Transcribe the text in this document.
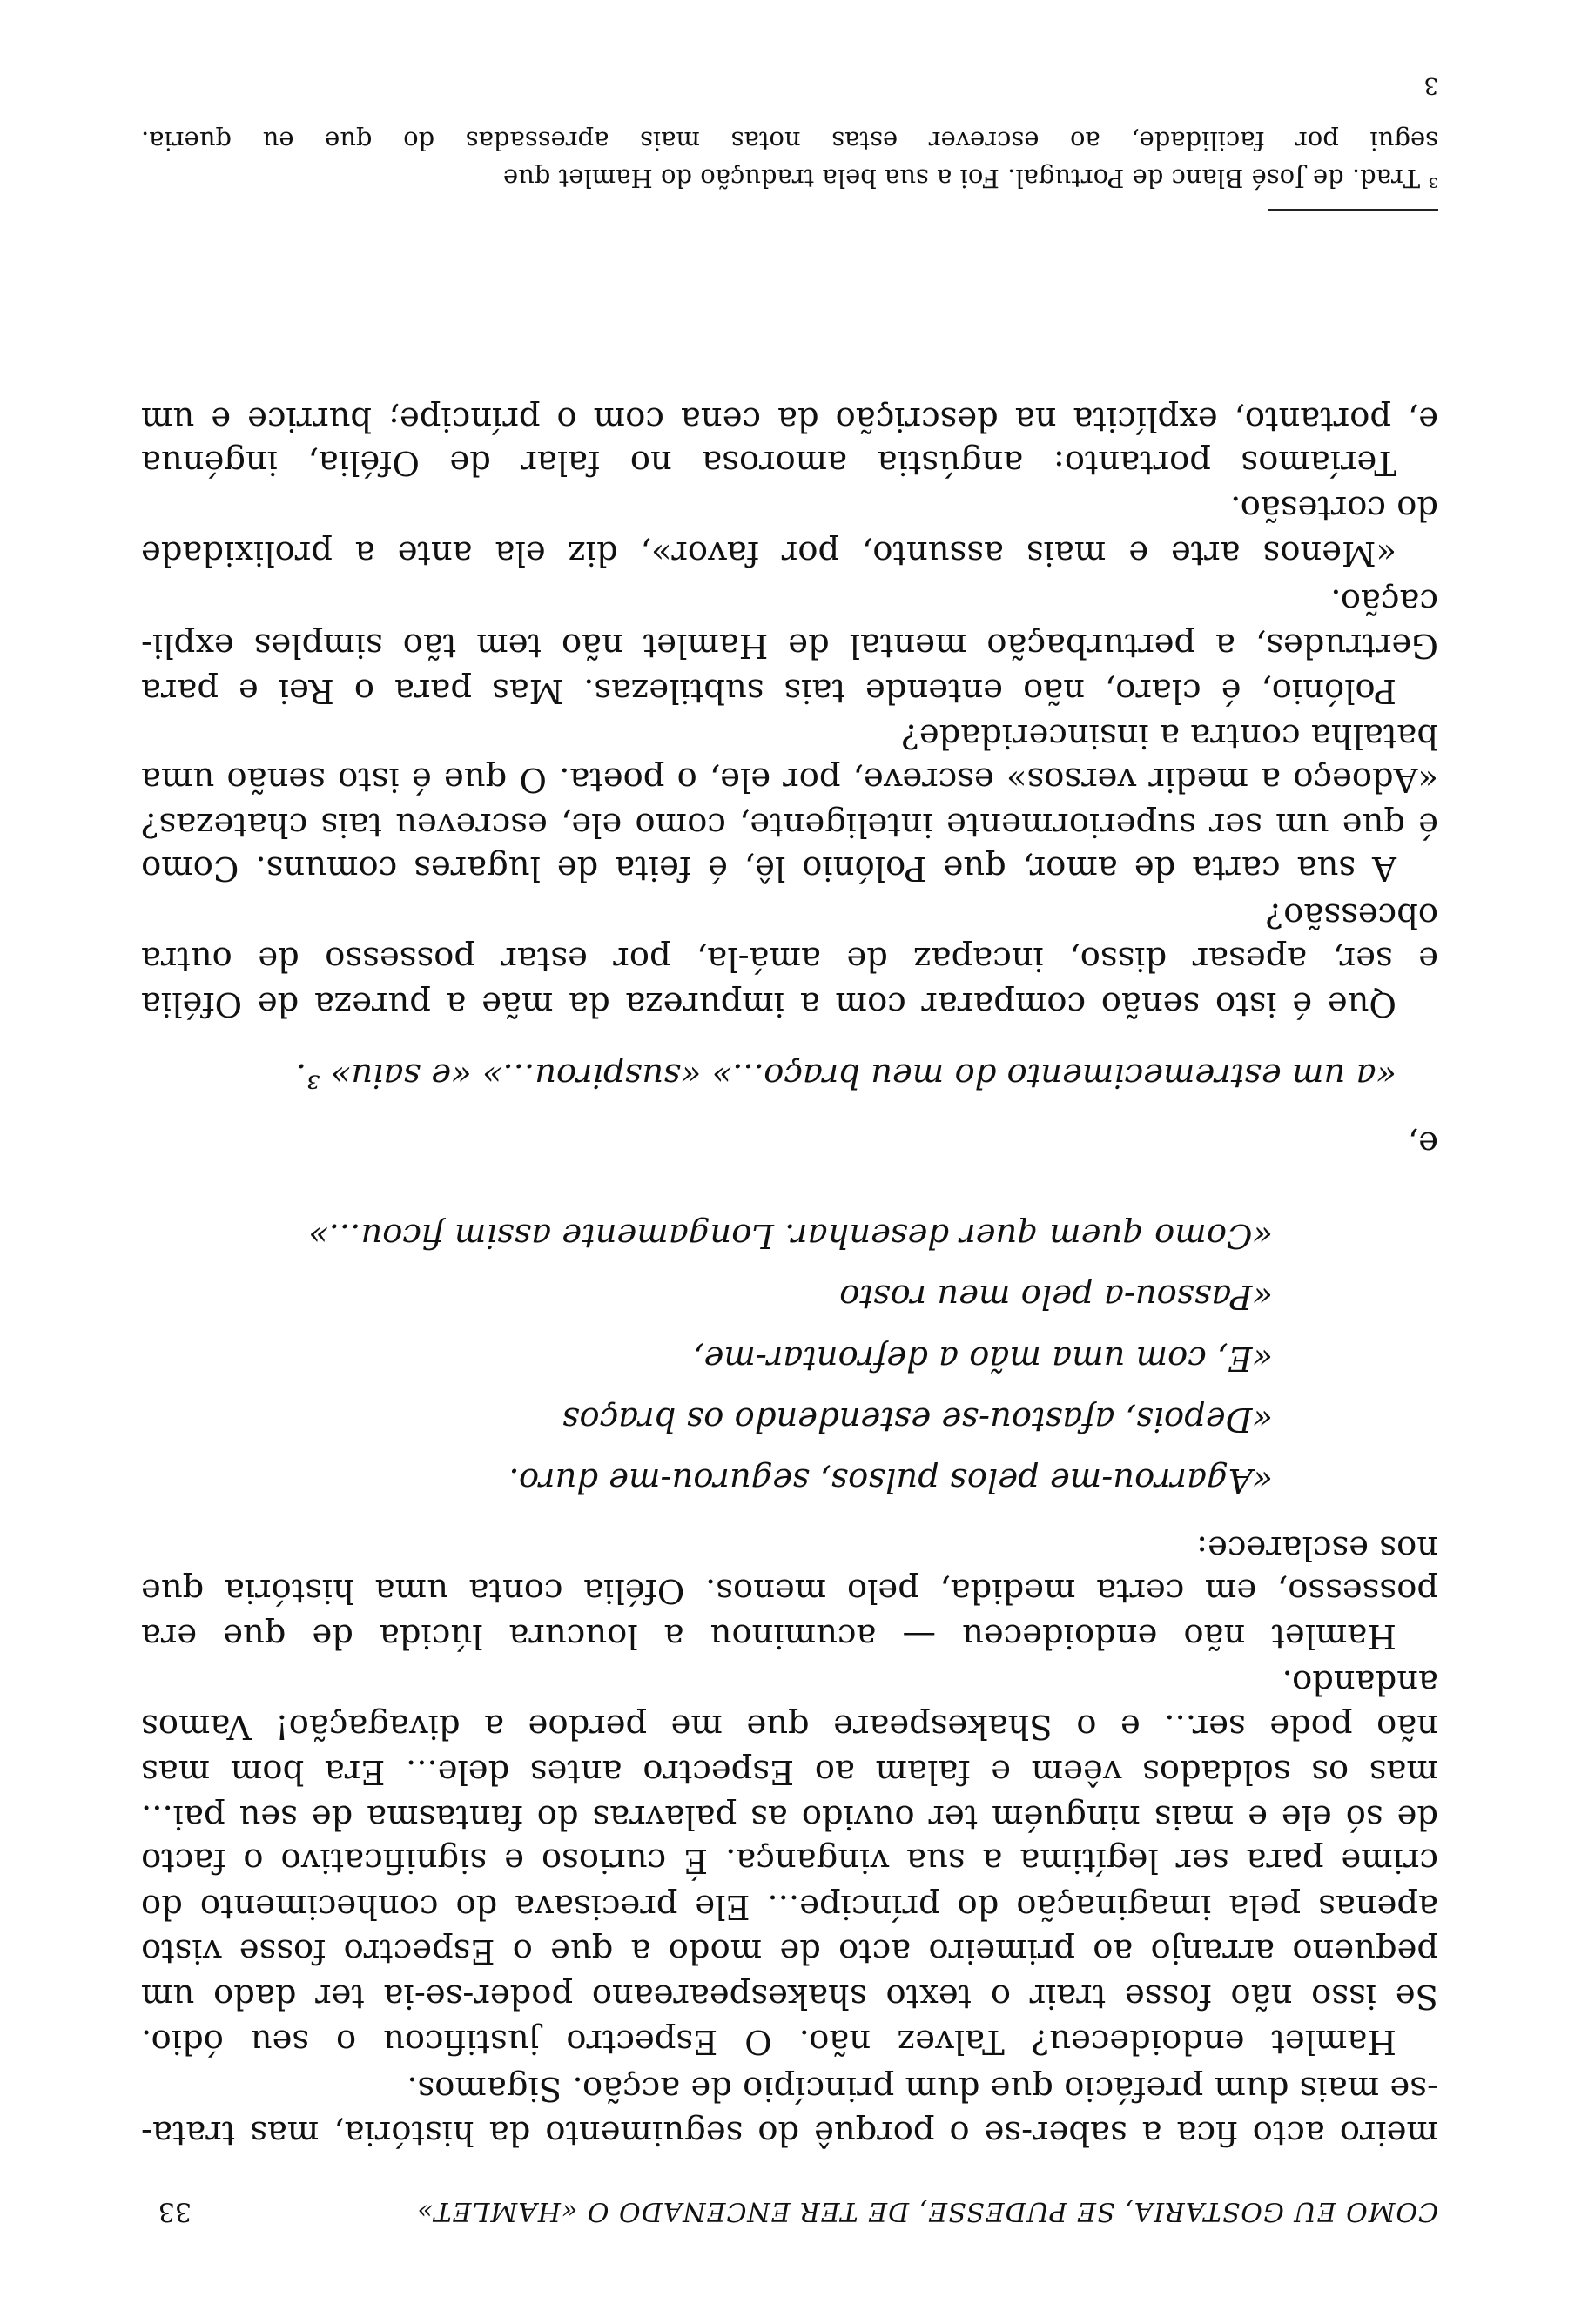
COMO EU GOSTARIA, SE PUDESSE, DE TER ENCENADO O «HAMLET»
33
meiro acto fica a saber-se o porquê do seguimento da história, mas trata-
-se mais dum prefácio que dum princípio de acção. Sigamos.
Hamlet endoideceu? Talvez não. O Espectro justificou o seu ódio.
Se isso não fosse trair o texto shakespeareano poder-se-ia ter dado um
pequeno arranjo ao primeiro acto de modo a que o Espectro fosse visto
apenas pela imaginação do príncipe... Ele precisava do conhecimento do
crime para ser legítima a sua vingança. É curioso e significativo o facto
de só ele e mais ninguém ter ouvido as palavras do fantasma de seu pai...
mas os soldados vêem e falam ao Espectro antes dele... Era bom mas
não pode ser... e o Shakespeare que me perdoe a divagação! Vamos
andando.
Hamlet não endoideceu — acuminou a loucura lúcida de que era
possesso, em certa medida, pelo menos. Ofélia conta uma história que
nos esclarece:
«Agarrou-me pelos pulsos, segurou-me duro.
«Depois, afastou-se estendendo os braços
«E, com uma mão a defrontar-me,
«Passou-a pelo meu rosto
«Como quem quer desenhar. Longamente assim ficou...»
e,
«a um estremecimento do meu braço...» «suspirou...» «e saiu» ³.
Que é isto senão comparar com a impureza da mãe a pureza de Ofélia
e ser, apesar disso, incapaz de amá-la, por estar possesso de outra
obcessão?
A sua carta de amor, que Polónio lê, é feita de lugares comuns. Como
é que um ser superiormente inteligente, como ele, escreveu tais chatezas?
«Adoeço a medir versos» escreve, por ele, o poeta. O que é isto senão uma
batalha contra a insinceridade?
Polónio, é claro, não entende tais subtilezas. Mas para o Rei e para
Gertrudes, a perturbação mental de Hamlet não tem tão simples expli-
cação.
«Menos arte e mais assunto, por favor», diz ela ante a prolixidade
do cortesão.
Teríamos portanto: angústia amorosa no falar de Ofélia, ingénua
e, portanto, explícita na descrição da cena com o príncipe; burrice e um
³ Trad. de José Blanc de Portugal. Foi a sua bela tradução do Hamlet que
segui por facilidade, ao escrever estas notas mais apressadas do que eu queria.
3
